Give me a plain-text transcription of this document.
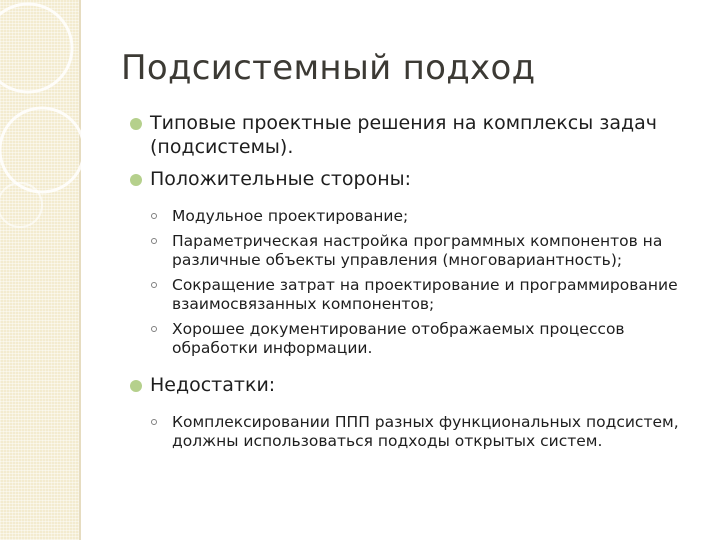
Подсистемный подход
Типовые проектные решения на комплексы задач (подсистемы).
Положительные стороны:
Модульное проектирование;
Параметрическая настройка программных компонентов на различные объекты управления (многовариантность);
Сокращение затрат на проектирование и программирование взаимосвязанных компонентов;
Хорошее документирование отображаемых процессов обработки информации.
Недостатки:
Комплексировании ППП разных функциональных подсистем, должны использоваться подходы открытых систем.
